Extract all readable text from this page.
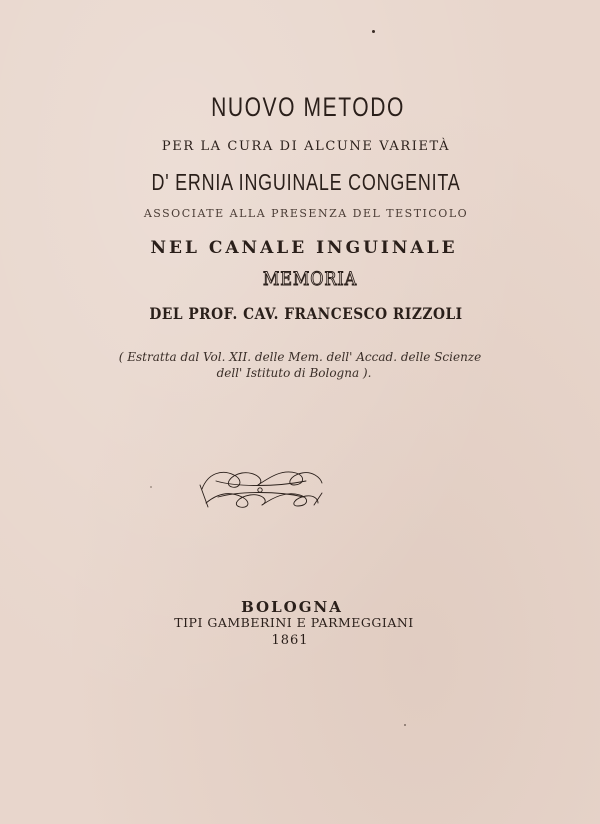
NUOVO METODO
PER LA CURA DI ALCUNE VARIETÀ
D' ERNIA INGUINALE CONGENITA
ASSOCIATE ALLA PRESENZA DEL TESTICOLO
NEL CANALE INGUINALE
MEMORIA
DEL PROF. CAV. FRANCESCO RIZZOLI
( Estratta dal Vol. XII. delle Mem. dell' Accad. delle Scienze
dell' Istituto di Bologna ).
BOLOGNA
TIPI GAMBERINI E PARMEGGIANI
1861
